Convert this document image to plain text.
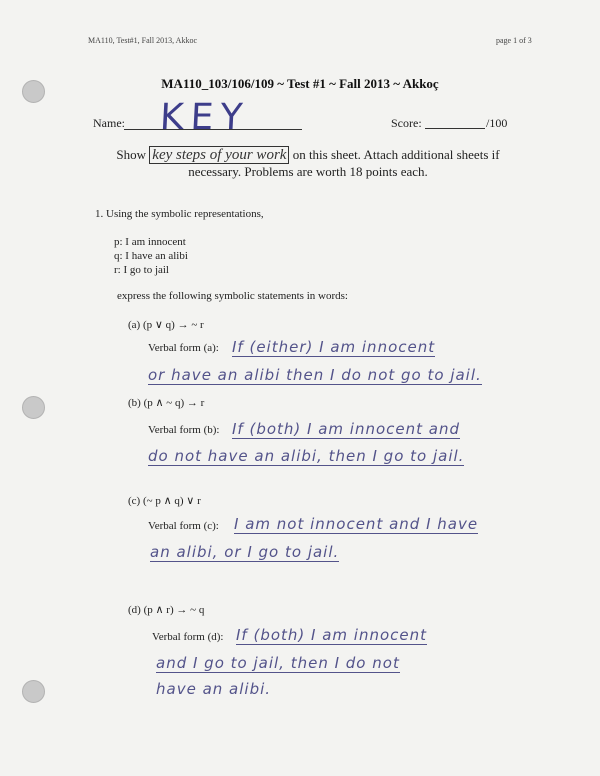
MA110, Test#1, Fall 2013, Akkoc	page 1 of 3
MA110_103/106/109 ~ Test #1 ~ Fall 2013 ~ Akkoç
Name: KEY	Score:	/100
Show key steps of your work on this sheet. Attach additional sheets if
necessary. Problems are worth 18 points each.
1. Using the symbolic representations,
p: I am innocent
q: I have an alibi
r: I go to jail
express the following symbolic statements in words:
(a) (p ∨ q) → ~ r
Verbal form (a): If (either) I am innocent
or have an alibi then I do not go to jail.
(b) (p ∧ ~ q) → r
Verbal form (b): If (both) I am innocent and
do not have an alibi, then I go to jail.
(c) (~ p ∧ q) ∨ r
Verbal form (c): I am not innocent and I have
an alibi, or I go to jail.
(d) (p ∧ r) → ~ q
Verbal form (d): If (both) I am innocent
and I go to jail, then I do not
have an alibi.
